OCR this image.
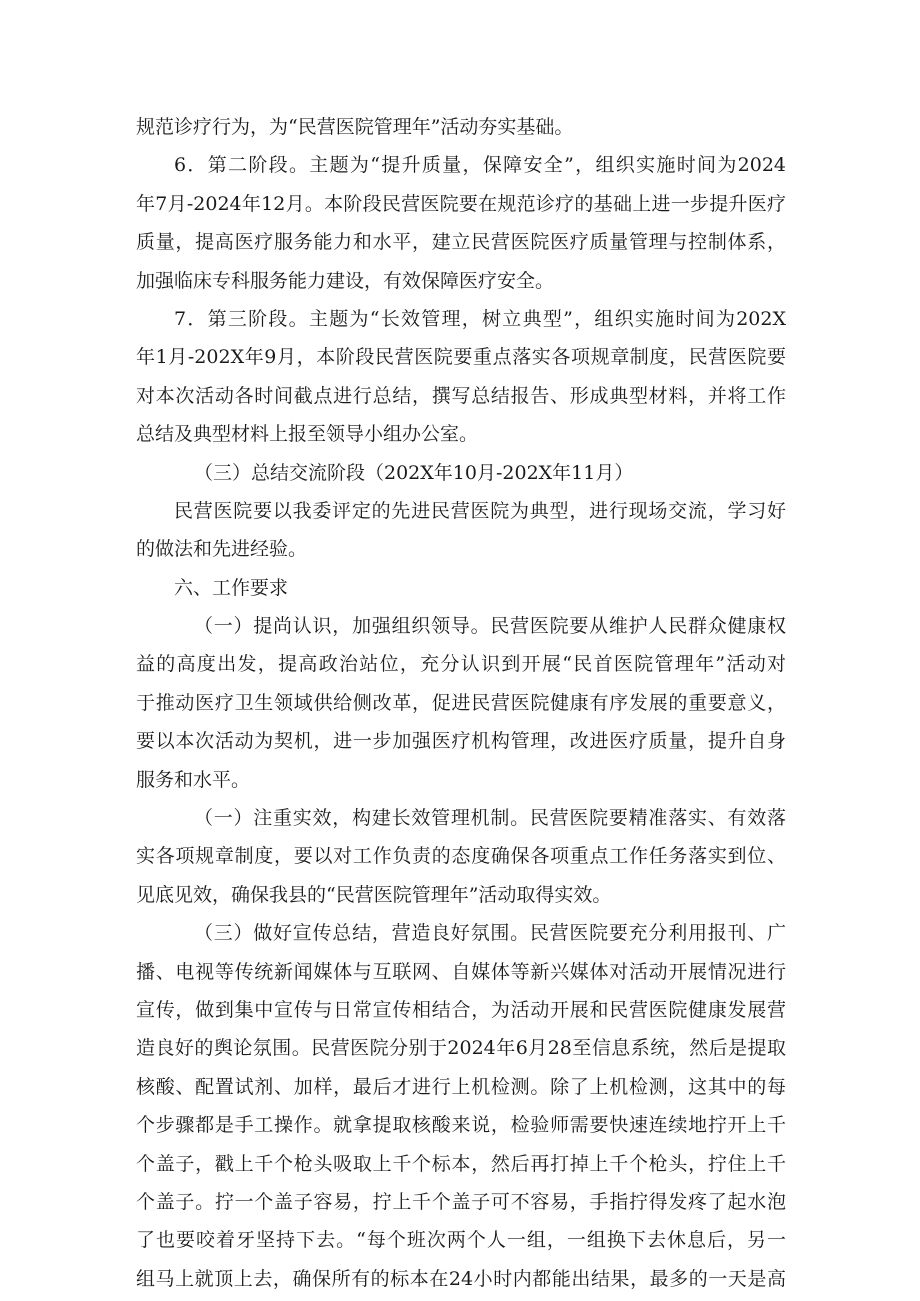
规范诊疗行为，为“民营医院管理年”活动夯实基础。
6．第二阶段。主题为“提升质量，保障安全”，组织实施时间为2024
年7月-2024年12月。本阶段民营医院要在规范诊疗的基础上进一步提升医疗
质量，提高医疗服务能力和水平，建立民营医院医疗质量管理与控制体系，
加强临床专科服务能力建设，有效保障医疗安全。
7．第三阶段。主题为“长效管理，树立典型”，组织实施时间为202X
年1月-202X年9月，本阶段民营医院要重点落实各项规章制度，民营医院要
对本次活动各时间截点进行总结，撰写总结报告、形成典型材料，并将工作
总结及典型材料上报至领导小组办公室。
（三）总结交流阶段（202X年10月-202X年11月）
民营医院要以我委评定的先进民营医院为典型，进行现场交流，学习好
的做法和先进经验。
六、工作要求
（一）提尚认识，加强组织领导。民营医院要从维护人民群众健康权
益的高度出发，提高政治站位，充分认识到开展“民首医院管理年”活动对
于推动医疗卫生领域供给侧改革，促进民营医院健康有序发展的重要意义，
要以本次活动为契机，进一步加强医疗机构管理，改进医疗质量，提升自身
服务和水平。
（一）注重实效，构建长效管理机制。民营医院要精准落实、有效落
实各项规章制度，要以对工作负责的态度确保各项重点工作任务落实到位、
见底见效，确保我县的“民营医院管理年”活动取得实效。
（三）做好宣传总结，营造良好氛围。民营医院要充分利用报刊、广
播、电视等传统新闻媒体与互联网、自媒体等新兴媒体对活动开展情况进行
宣传，做到集中宣传与日常宣传相结合，为活动开展和民营医院健康发展营
造良好的舆论氛围。民营医院分别于2024年6月28至信息系统，然后是提取
核酸、配置试剂、加样，最后才进行上机检测。除了上机检测，这其中的每
个步骤都是手工操作。就拿提取核酸来说，检验师需要快速连续地拧开上千
个盖子，戳上千个枪头吸取上千个标本，然后再打掉上千个枪头，拧住上千
个盖子。拧一个盖子容易，拧上千个盖子可不容易，手指拧得发疼了起水泡
了也要咬着牙坚持下去。“每个班次两个人一组，一组换下去休息后，另一
组马上就顶上去，确保所有的标本在24小时内都能出结果，最多的一天是高
